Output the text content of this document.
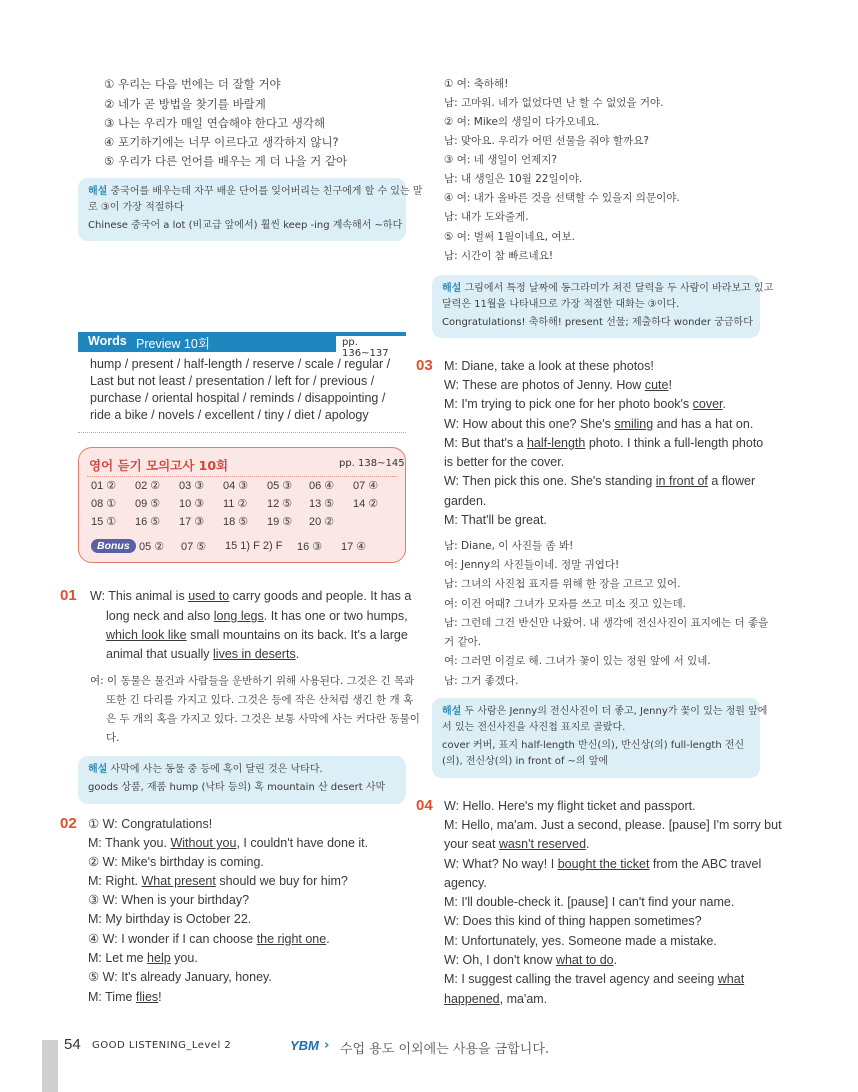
① 우리는 다음 번에는 더 잘할 거야
② 네가 곧 방법을 찾기를 바랄게
③ 나는 우리가 매일 연습해야 한다고 생각해
④ 포기하기에는 너무 이르다고 생각하지 않니?
⑤ 우리가 다른 언어를 배우는 게 더 나을 거 같아
해설 중국어를 배우는데 자꾸 배운 단어를 잊어버리는 친구에게 할 수 있는 말
로 ③이 가장 적절하다
Chinese 중국어 a lot (비교급 앞에서) 훨씬 keep -ing 계속해서 ~하다
Words Preview 10회	pp. 136~137
hump / present / half-length / reserve / scale / regular /
Last but not least / presentation / left for / previous /
purchase / oriental hospital / reminds / disappointing /
ride a bike / novels / excellent / tiny / diet / apology
영어 듣기 모의고사 10회	pp. 138~145
01 ② 02 ② 03 ③ 04 ③ 05 ③ 06 ④ 07 ④
08 ① 09 ⑤ 10 ③ 11 ② 12 ⑤ 13 ⑤ 14 ②
15 ① 16 ⑤ 17 ③ 18 ⑤ 19 ⑤ 20 ②
Bonus 05 ② 07 ⑤ 15 1) F 2) F 16 ③ 17 ④
01 W: This animal is used to carry goods and people. It has a
long neck and also long legs. It has one or two humps,
which look like small mountains on its back. It's a large
animal that usually lives in deserts.
여: 이 동물은 물건과 사람들을 운반하기 위해 사용된다. 그것은 긴 목과
또한 긴 다리를 가지고 있다. 그것은 등에 작은 산처럼 생긴 한 개 혹
은 두 개의 혹을 가지고 있다. 그것은 보통 사막에 사는 커다란 동물이
다.
해설 사막에 사는 동물 중 등에 혹이 달린 것은 낙타다.
goods 상품, 재품 hump (낙타 등의) 혹 mountain 산 desert 사막
02 ① W: Congratulations!
M: Thank you. Without you, I couldn't have done it.
② W: Mike's birthday is coming.
M: Right. What present should we buy for him?
③ W: When is your birthday?
M: My birthday is October 22.
④ W: I wonder if I can choose the right one.
M: Let me help you.
⑤ W: It's already January, honey.
M: Time flies!
① 여: 축하해!
남: 고마워. 네가 없었다면 난 할 수 없었을 거야.
② 여: Mike의 생일이 다가오네요.
남: 맞아요. 우리가 어떤 선물을 줘야 할까요?
③ 여: 네 생일이 언제지?
남: 내 생일은 10월 22일이야.
④ 여: 내가 올바른 것을 선택할 수 있을지 의문이야.
남: 내가 도와줄게.
⑤ 여: 벌써 1월이네요, 여보.
남: 시간이 참 빠르네요!
해설 그림에서 특정 날짜에 동그라미가 쳐진 달력을 두 사람이 바라보고 있고
달력은 11월을 나타내므로 가장 적절한 대화는 ③이다.
Congratulations! 축하해! present 선물; 제출하다 wonder 궁금하다
03 M: Diane, take a look at these photos!
W: These are photos of Jenny. How cute!
M: I'm trying to pick one for her photo book's cover.
W: How about this one? She's smiling and has a hat on.
M: But that's a half-length photo. I think a full-length photo
is better for the cover.
W: Then pick this one. She's standing in front of a flower
garden.
M: That'll be great.
남: Diane, 이 사진들 좀 봐!
여: Jenny의 사진들이네. 정말 귀엽다!
남: 그녀의 사진첩 표지를 위해 한 장을 고르고 있어.
여: 이건 어때? 그녀가 모자를 쓰고 미소 짓고 있는데.
남: 그런데 그건 반신만 나왔어. 내 생각에 전신사진이 표지에는 더 좋을
거 같아.
여: 그러면 이걸로 해. 그녀가 꽃이 있는 정원 앞에 서 있네.
남: 그거 좋겠다.
해설 두 사람은 Jenny의 전신사진이 더 좋고, Jenny가 꽃이 있는 정원 앞에
서 있는 전신사진을 사진첩 표지로 골랐다.
cover 커버, 표지 half-length 반신(의), 반신상(의) full-length 전신
(의), 전신상(의) in front of ~의 앞에
04 W: Hello. Here's my flight ticket and passport.
M: Hello, ma'am. Just a second, please. [pause] I'm sorry but
your seat wasn't reserved.
W: What? No way! I bought the ticket from the ABC travel
agency.
M: I'll double-check it. [pause] I can't find your name.
W: Does this kind of thing happen sometimes?
M: Unfortunately, yes. Someone made a mistake.
W: Oh, I don't know what to do.
M: I suggest calling the travel agency and seeing what
happened, ma'am.
54 GOOD LISTENING_Level 2	YBM › 수업 용도 이외에는 사용을 금합니다.
